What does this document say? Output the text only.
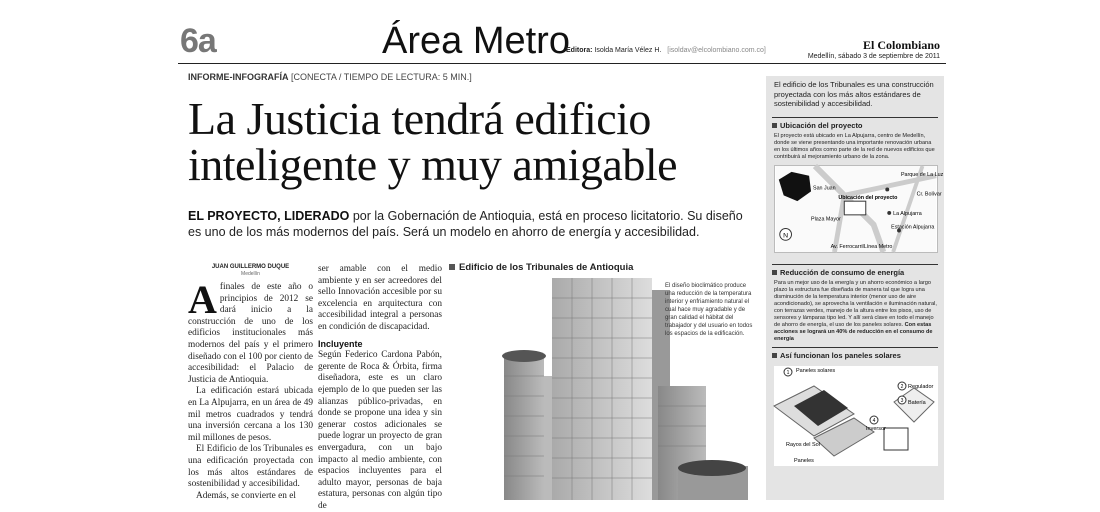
6a	Área Metro
Editora: Isolda María Vélez H. [isoldav@elcolombiano.com.co]	El Colombiano
Medellín, sábado 3 de septiembre de 2011
INFORME-INFOGRAFÍA [CONECTA / TIEMPO DE LECTURA: 5 MIN.]
La Justicia tendrá edificio
inteligente y muy amigable
EL PROYECTO, LIDERADO por la Gobernación de Antioquia, está en proceso licitatorio. Su diseño es uno de los más modernos del país. Será un modelo en ahorro de energía y accesibilidad.
JUAN GUILLERMO DUQUE
Medellín

Afinales de este año o principios de 2012 se dará inicio a la construcción de uno de los edificios institucionales más modernos del país y el primero diseñado con el 100 por ciento de accesibilidad: el Palacio de Justicia de Antioquia.

La edificación estará ubicada en La Alpujarra, en un área de 49 mil metros cuadrados y tendrá una inversión cercana a los 130 mil millones de pesos.

El Edificio de los Tribunales es una edificación proyectada con los más altos estándares de sostenibilidad y accesibilidad.

Además, se convierte en el

ser amable con el medio ambiente y en ser acreedores del sello Innovación accesible por su excelencia en arquitectura con accesibilidad integral a personas en condición de discapacidad.

Incluyente

Según Federico Cardona Pabón, gerente de Roca & Órbita, firma diseñadora, este es un claro ejemplo de lo que pueden ser las alianzas público-privadas, en donde se propone una idea y sin generar costos adicionales se puede lograr un proyecto de gran envergadura, con un bajo impacto al medio ambiente, con espacios incluyentes para el adulto mayor, personas de baja estatura, personas con algún tipo de

Edificio de los Tribunales de Antioquia
El diseño bioclimático produce una reducción de la temperatura interior y enfriamiento natural el cual hace muy agradable y de gran calidad el hábitat del trabajador y del usuario en todos los espacios de la edificación.
El edificio de los Tribunales es una construcción proyectada con los más altos estándares de sostenibilidad y accesibilidad.
Ubicación del proyecto
El proyecto está ubicado en La Alpujarra, centro de Medellín, donde se viene presentando una importante renovación urbana en los últimos años como parte de la red de nuevos edificios que contribuirá al mejoramiento urbano de la zona.
N
Parque de La Luz
San Juan
Ubicación del proyecto
Plaza Mayor
La Alpujarra
Estación Alpujarra
Av. Ferrocarril
Cr. Bolívar
Línea Metro
Reducción de consumo de energía
Para un mejor uso de la energía y un ahorro económico a largo plazo la estructura fue diseñada de manera tal que logra una disminución de la temperatura interior (menor uso de aire acondicionado), se aprovecha la ventilación e iluminación natural, con terrazas verdes, manejo de la altura entre los pisos, uso de sensores y lámparas tipo led. Y allí será clave en todo el manejo de ahorro de energía, el uso de los paneles solares. Con estas acciones se logrará un 40% de reducción en el consumo de energía
Así funcionan los paneles solares
1 Paneles solares
2 Regulador
3 Batería
4
Inversor
Rayos del Sol
Paneles
